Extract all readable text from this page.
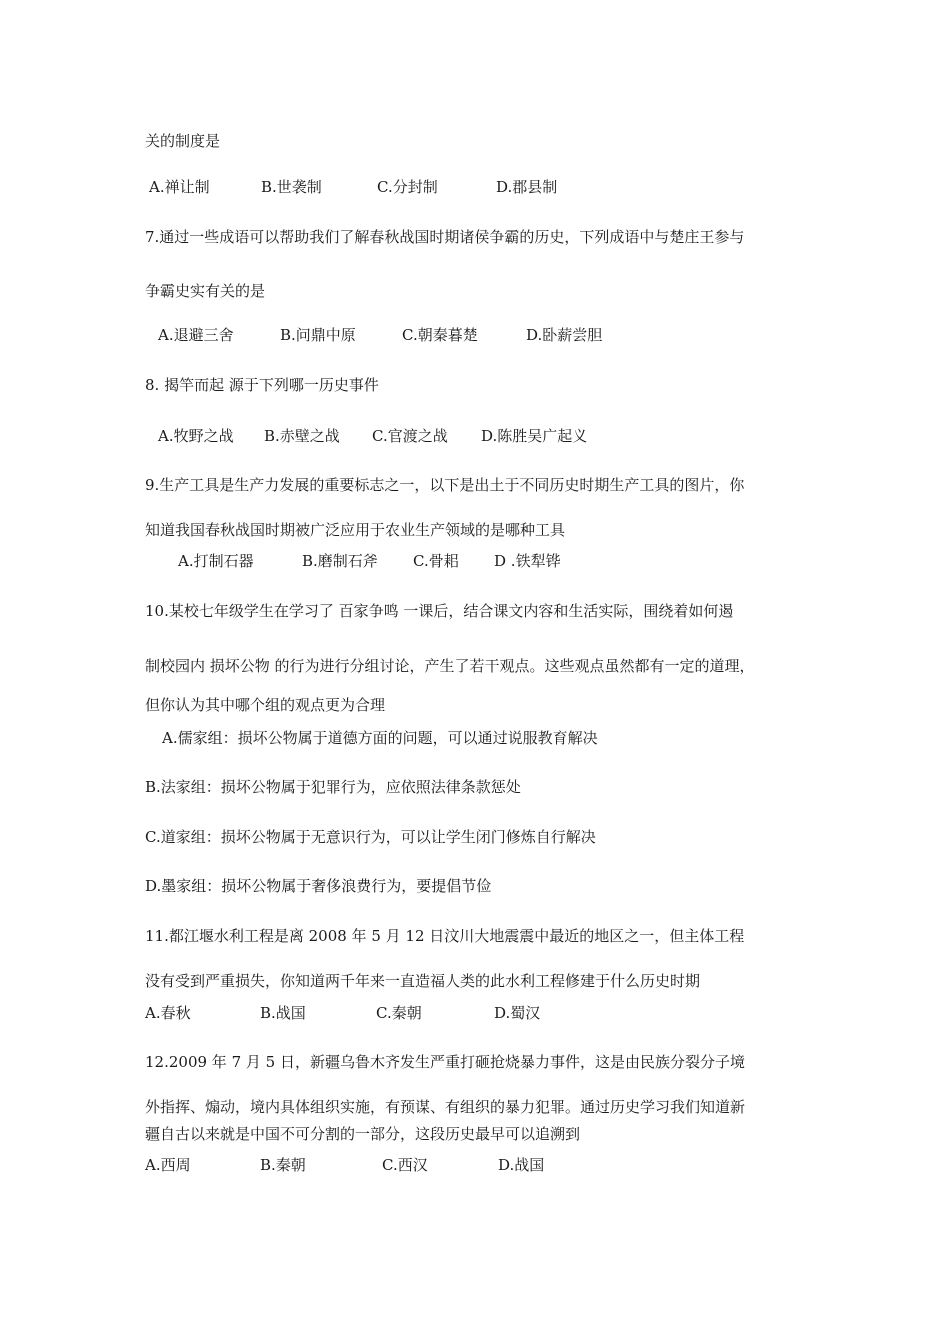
关的制度是
A.禅让制	B.世袭制	C.分封制	D.郡县制
7.通过一些成语可以帮助我们了解春秋战国时期诸侯争霸的历史，下列成语中与楚庄王参与
争霸史实有关的是
A.退避三舍	B.问鼎中原	C.朝秦暮楚	D.卧薪尝胆
8. 揭竿而起 源于下列哪一历史事件
A.牧野之战 B.赤壁之战 C.官渡之战 D.陈胜吴广起义
9.生产工具是生产力发展的重要标志之一，以下是出土于不同历史时期生产工具的图片，你
知道我国春秋战国时期被广泛应用于农业生产领域的是哪种工具
A.打制石器	B.磨制石斧 C.骨耜 D .铁犁铧
10.某校七年级学生在学习了 百家争鸣 一课后，结合课文内容和生活实际，围绕着如何遏
制校园内 损坏公物 的行为进行分组讨论，产生了若干观点。这些观点虽然都有一定的道理，
但你认为其中哪个组的观点更为合理
A.儒家组：损坏公物属于道德方面的问题，可以通过说服教育解决
B.法家组：损坏公物属于犯罪行为，应依照法律条款惩处
C.道家组：损坏公物属于无意识行为，可以让学生闭门修炼自行解决
D.墨家组：损坏公物属于奢侈浪费行为，要提倡节俭
11.都江堰水利工程是离 2008 年 5 月 12 日汶川大地震震中最近的地区之一，但主体工程
没有受到严重损失，你知道两千年来一直造福人类的此水利工程修建于什么历史时期
A.春秋	B.战国	C.秦朝	D.蜀汉
12.2009 年 7 月 5 日，新疆乌鲁木齐发生严重打砸抢烧暴力事件，这是由民族分裂分子境
外指挥、煽动，境内具体组织实施，有预谋、有组织的暴力犯罪。通过历史学习我们知道新
疆自古以来就是中国不可分割的一部分，这段历史最早可以追溯到
A.西周	B.秦朝	C.西汉	D.战国
